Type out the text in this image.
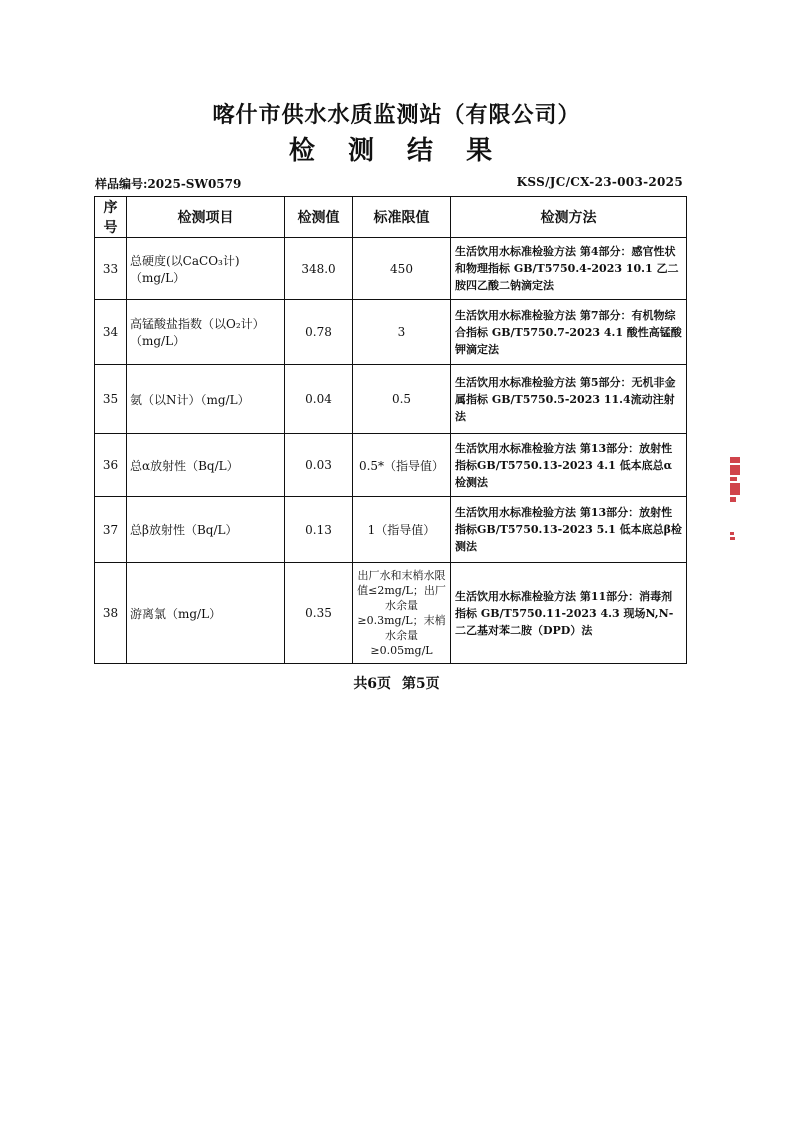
喀什市供水水质监测站（有限公司）
检 测 结 果
样品编号:2025-SW0579	KSS/JC/CX-23-003-2025
序号	检测项目	检测值	标准限值	检测方法
33	总硬度(以CaCO₃计)（mg/L）	348.0	450	生活饮用水标准检验方法 第4部分：感官性状和物理指标 GB/T5750.4-2023 10.1 乙二胺四乙酸二钠滴定法
34	高锰酸盐指数（以O₂计）（mg/L）	0.78	3	生活饮用水标准检验方法 第7部分：有机物综合指标 GB/T5750.7-2023 4.1 酸性高锰酸钾滴定法
35	氨（以N计）（mg/L）	0.04	0.5	生活饮用水标准检验方法 第5部分：无机非金属指标 GB/T5750.5-2023 11.4流动注射法
36	总α放射性（Bq/L）	0.03	0.5*（指导值）	生活饮用水标准检验方法 第13部分：放射性指标GB/T5750.13-2023 4.1 低本底总α检测法
37	总β放射性（Bq/L）	0.13	1（指导值）	生活饮用水标准检验方法 第13部分：放射性指标GB/T5750.13-2023 5.1 低本底总β检测法
38	游离氯（mg/L）	0.35	出厂水和末梢水限值≤2mg/L；出厂水余量≥0.3mg/L；末梢水余量≥0.05mg/L	生活饮用水标准检验方法 第11部分：消毒剂指标 GB/T5750.11-2023 4.3 现场N,N-二乙基对苯二胺（DPD）法
共6页 第5页
